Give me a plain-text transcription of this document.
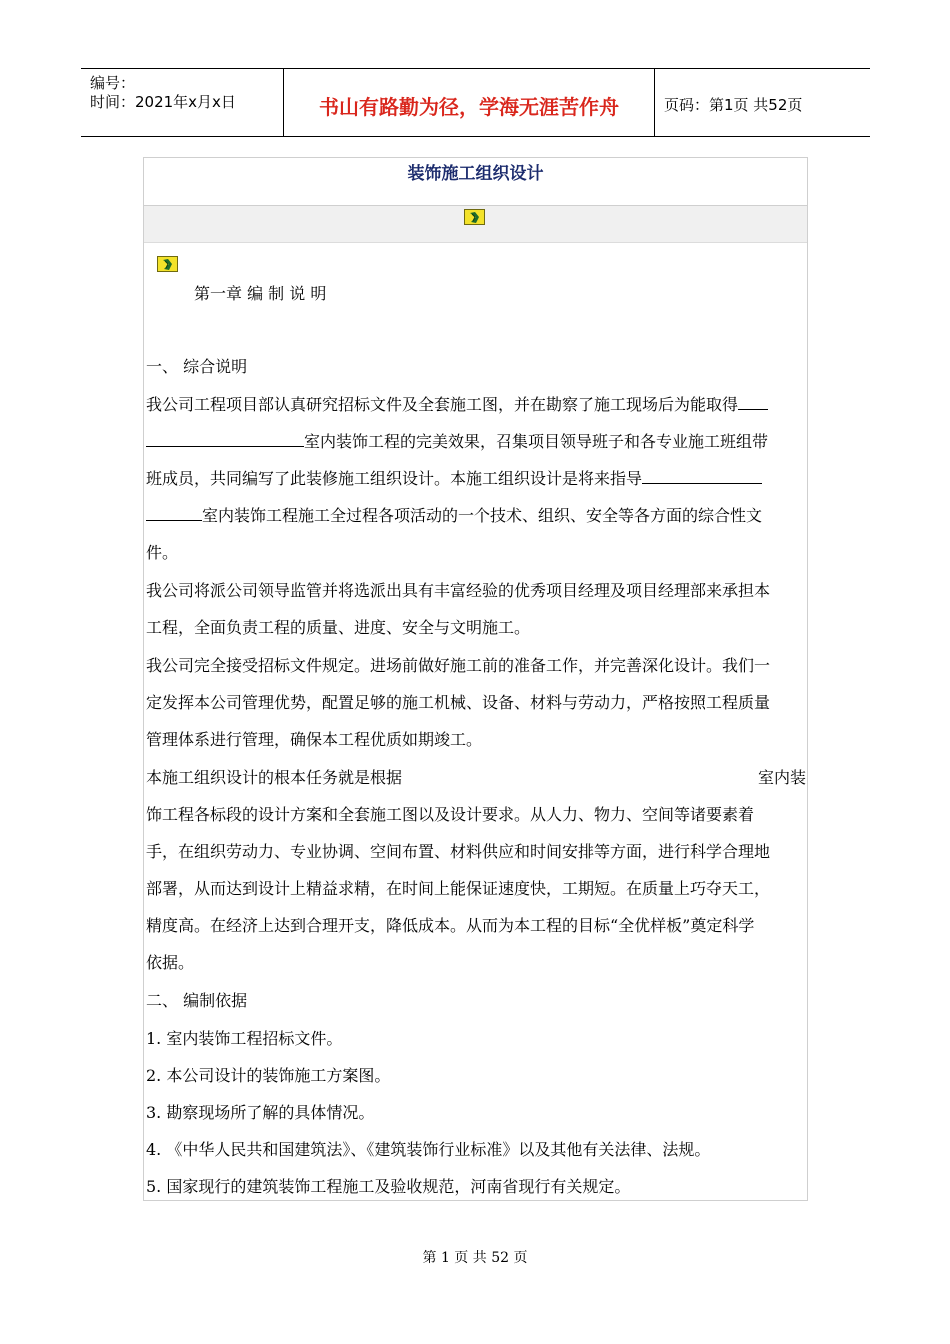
编号：
时间：2021年x月x日	书山有路勤为径，学海无涯苦作舟	页码：第1页 共52页
装饰施工组织设计
第一章 编 制 说 明
一、 综合说明
我公司工程项目部认真研究招标文件及全套施工图，并在勘察了施工现场后为能取得
室内装饰工程的完美效果，召集项目领导班子和各专业施工班组带
班成员，共同编写了此装修施工组织设计。本施工组织设计是将来指导
室内装饰工程施工全过程各项活动的一个技术、组织、安全等各方面的综合性文
件。
我公司将派公司领导监管并将选派出具有丰富经验的优秀项目经理及项目经理部来承担本
工程，全面负责工程的质量、进度、安全与文明施工。
我公司完全接受招标文件规定。进场前做好施工前的准备工作，并完善深化设计。我们一
定发挥本公司管理优势，配置足够的施工机械、设备、材料与劳动力，严格按照工程质量
管理体系进行管理，确保本工程优质如期竣工。
本施工组织设计的根本任务就是根据	室内装
饰工程各标段的设计方案和全套施工图以及设计要求。从人力、物力、空间等诸要素着
手，在组织劳动力、专业协调、空间布置、材料供应和时间安排等方面，进行科学合理地
部署，从而达到设计上精益求精，在时间上能保证速度快，工期短。在质量上巧夺天工，
精度高。在经济上达到合理开支，降低成本。从而为本工程的目标“全优样板”奠定科学
依据。
二、 编制依据
1. 室内装饰工程招标文件。
2. 本公司设计的装饰施工方案图。
3. 勘察现场所了解的具体情况。
4. 《中华人民共和国建筑法》、《建筑装饰行业标准》以及其他有关法律、法规。
5. 国家现行的建筑装饰工程施工及验收规范，河南省现行有关规定。
第 1 页 共 52 页
